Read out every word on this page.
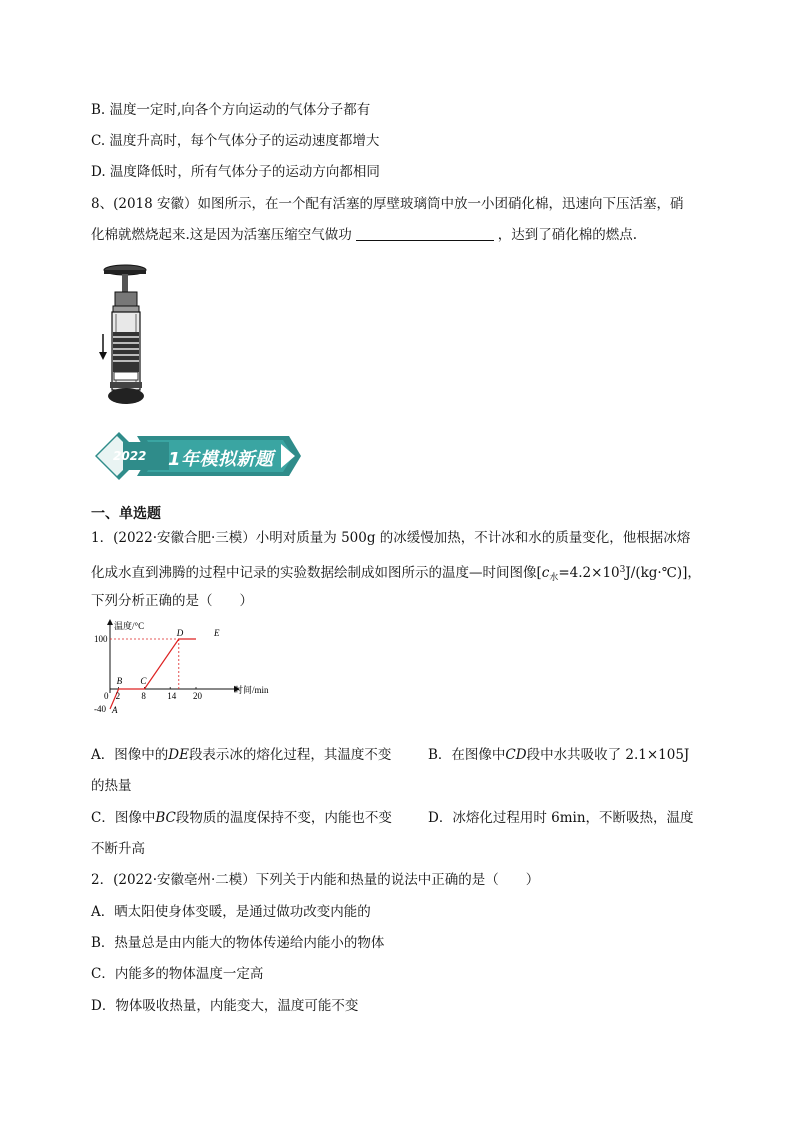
B. 温度一定时,向各个方向运动的气体分子都有
C. 温度升高时，每个气体分子的运动速度都增大
D. 温度降低时，所有气体分子的运动方向都相同
8、(2018 安徽）如图所示，在一个配有活塞的厚壁玻璃筒中放一小团硝化棉，迅速向下压活塞，硝
化棉就燃烧起来.这是因为活塞压缩空气做功	，达到了硝化棉的燃点.
2022 1年模拟新题
一、单选题
1．(2022·安徽合肥·三模）小明对质量为 500g 的冰缓慢加热，不计冰和水的质量变化，他根据冰熔
化成水直到沸腾的过程中记录的实验数据绘制成如图所示的温度—时间图像$[c_水=4.2\times 10^3J/(kg\cdot℃)]$，
下列分析正确的是（　　）
温度/°C
时间/min
0 2 8 14 20
100
-40 A
B C
D	E
A．图像中的DE段表示冰的熔化过程，其温度不变	B．在图像中CD段中水共吸收了 2.1×105J
的热量
C．图像中BC段物质的温度保持不变，内能也不变	D．冰熔化过程用时 6min，不断吸热，温度
不断升高
2．(2022·安徽亳州·二模）下列关于内能和热量的说法中正确的是（　　）
A．晒太阳使身体变暖，是通过做功改变内能的
B．热量总是由内能大的物体传递给内能小的物体
C．内能多的物体温度一定高
D．物体吸收热量，内能变大，温度可能不变
